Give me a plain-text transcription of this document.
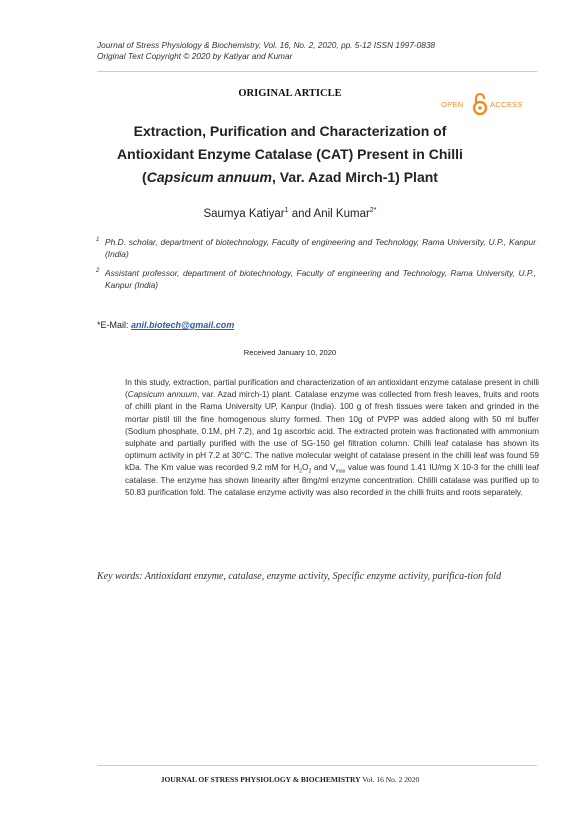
Journal of Stress Physiology & Biochemistry, Vol. 16, No. 2, 2020, pp. 5-12 ISSN 1997-0838
Original Text Copyright © 2020 by Katiyar and Kumar
ORIGINAL ARTICLE
OPEN	ACCESS
Extraction, Purification and Characterization of
Antioxidant Enzyme Catalase (CAT) Present in Chilli
(Capsicum annuum, Var. Azad Mirch-1) Plant
Saumya Katiyar$^1$ and Anil Kumar$^{2*}$
1 Ph.D. scholar, department of biotechnology, Faculty of engineering and Technology, Rama University, U.P., Kanpur (India)
2 Assistant professor, department of biotechnology, Faculty of engineering and Technology, Rama University, U.P., Kanpur (India)
*E-Mail: anil.biotech@gmail.com
Received January 10, 2020
In this study, extraction, partial purification and characterization of an antioxidant enzyme catalase present in chilli (Capsicum annuum, var. Azad mirch-1) plant. Catalase enzyme was collected from fresh leaves, fruits and roots of chilli plant in the Rama University UP, Kanpur (India). 100 g of fresh tissues were taken and grinded in the mortar pistil till the fine homogenous slurry formed. Then 10g of PVPP was added along with 50 ml buffer (Sodium phosphate, 0.1M, pH 7.2), and 1g ascorbic acid. The extracted protein was fractionated with ammonium sulphate and partially purified with the use of SG-150 gel filtration column. Chilli leaf catalase has shown its optimum activity in pH 7.2 at 30°C. The native molecular weight of catalase present in the chilli leaf was found 59 kDa. The Km value was recorded 9.2 mM for $H_2O_2$ and $V_{max}$ value was found 1.41 IU/mg X 10-3 for the chilli leaf catalase. The enzyme has shown linearity after 8mg/ml enzyme concentration. Chlilli catalase was purified up to 50.83 purification fold. The catalase enzyme activity was also recorded in the chilli fruits and roots separately.
Key words: Antioxidant enzyme, catalase, enzyme activity, Specific enzyme activity, purifica-tion fold
JOURNAL OF STRESS PHYSIOLOGY & BIOCHEMISTRY Vol. 16 No. 2 2020
